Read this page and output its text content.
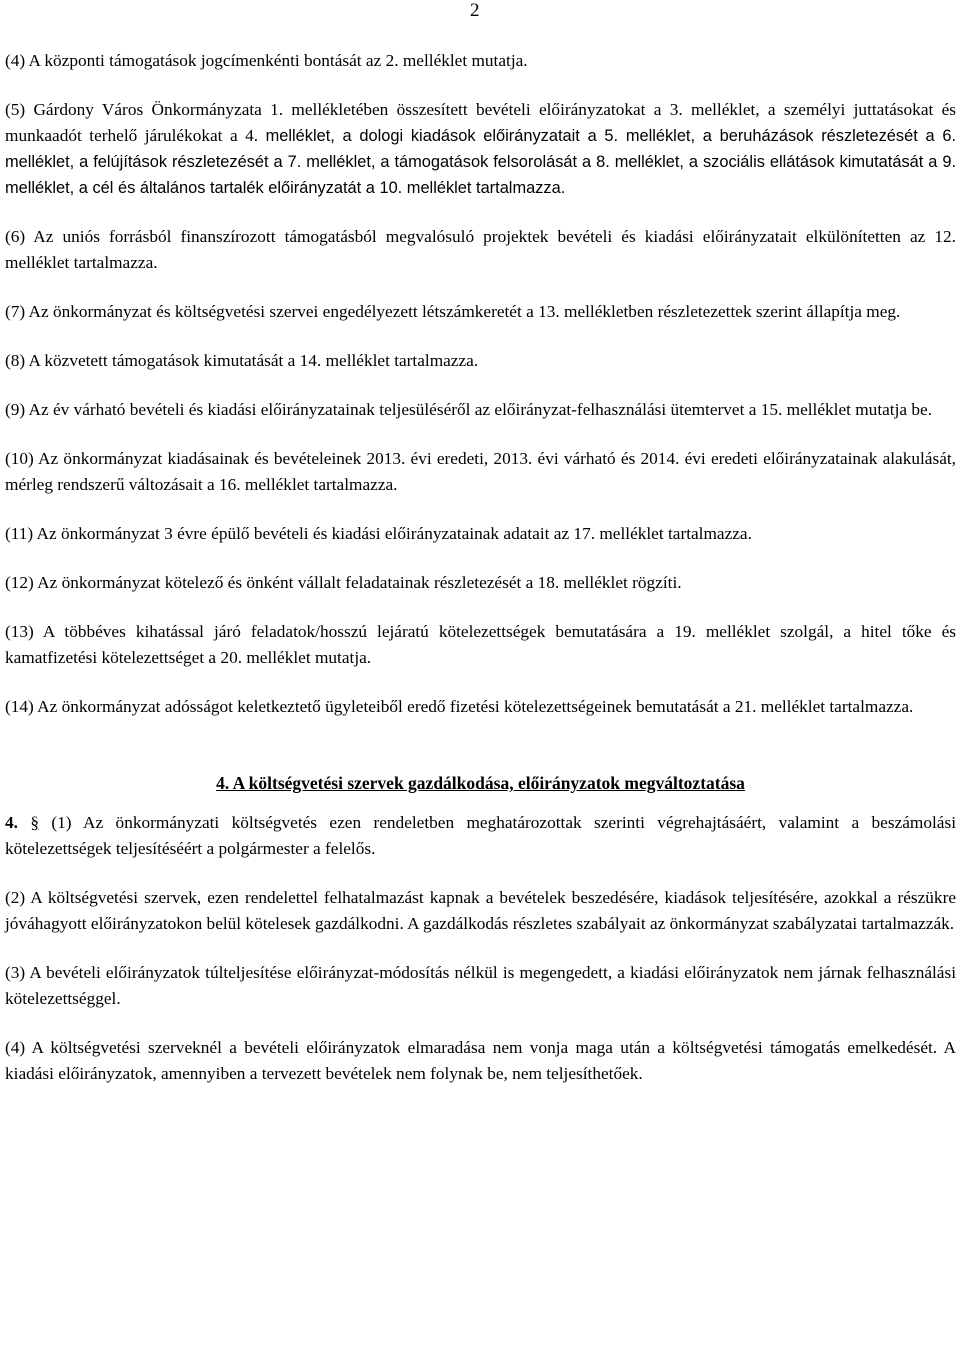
2

(4) A központi támogatások jogcímenkénti bontását az 2. melléklet mutatja.

(5) Gárdony Város Önkormányzata 1. mellékletében összesített bevételi előirányzatokat a 3. melléklet, a személyi juttatásokat és munkaadót terhelő járulékokat a 4. melléklet, a dologi kiadások előirányzatait a 5. melléklet, a beruházások részletezését a 6. melléklet, a felújítások részletezését a 7. melléklet, a támogatások felsorolását a 8. melléklet, a szociális ellátások kimutatását a 9. melléklet, a cél és általános tartalék előirányzatát a 10. melléklet tartalmazza.

(6) Az uniós forrásból finanszírozott támogatásból megvalósuló projektek bevételi és kiadási előirányzatait elkülönítetten az 12. melléklet tartalmazza.

(7) Az önkormányzat és költségvetési szervei engedélyezett létszámkeretét a 13. mellékletben részletezettek szerint állapítja meg.

(8) A közvetett támogatások kimutatását a 14. melléklet tartalmazza.

(9) Az év várható bevételi és kiadási előirányzatainak teljesüléséről az előirányzat-felhasználási ütemtervet a 15. melléklet mutatja be.

(10) Az önkormányzat kiadásainak és bevételeinek 2013. évi eredeti, 2013. évi várható és 2014. évi eredeti előirányzatainak alakulását, mérleg rendszerű változásait a 16. melléklet tartalmazza.

(11) Az önkormányzat 3 évre épülő bevételi és kiadási előirányzatainak adatait az 17. melléklet tartalmazza.

(12) Az önkormányzat kötelező és önként vállalt feladatainak részletezését a 18. melléklet rögzíti.

(13) A többéves kihatással járó feladatok/hosszú lejáratú kötelezettségek bemutatására a 19. melléklet szolgál, a hitel tőke és kamatfizetési kötelezettséget a 20. melléklet mutatja.

(14) Az önkormányzat adósságot keletkeztető ügyleteiből eredő fizetési kötelezettségeinek bemutatását a 21. melléklet tartalmazza.

4. A költségvetési szervek gazdálkodása, előirányzatok megváltoztatása

4. § (1) Az önkormányzati költségvetés ezen rendeletben meghatározottak szerinti végrehajtásáért, valamint a beszámolási kötelezettségek teljesítéséért a polgármester a felelős.

(2) A költségvetési szervek, ezen rendelettel felhatalmazást kapnak a bevételek beszedésére, kiadások teljesítésére, azokkal a részükre jóváhagyott előirányzatokon belül kötelesek gazdálkodni. A gazdálkodás részletes szabályait az önkormányzat szabályzatai tartalmazzák.

(3) A bevételi előirányzatok túlteljesítése előirányzat-módosítás nélkül is megengedett, a kiadási előirányzatok nem járnak felhasználási kötelezettséggel.

(4) A költségvetési szerveknél a bevételi előirányzatok elmaradása nem vonja maga után a költségvetési támogatás emelkedését. A kiadási előirányzatok, amennyiben a tervezett bevételek nem folynak be, nem teljesíthetőek.
